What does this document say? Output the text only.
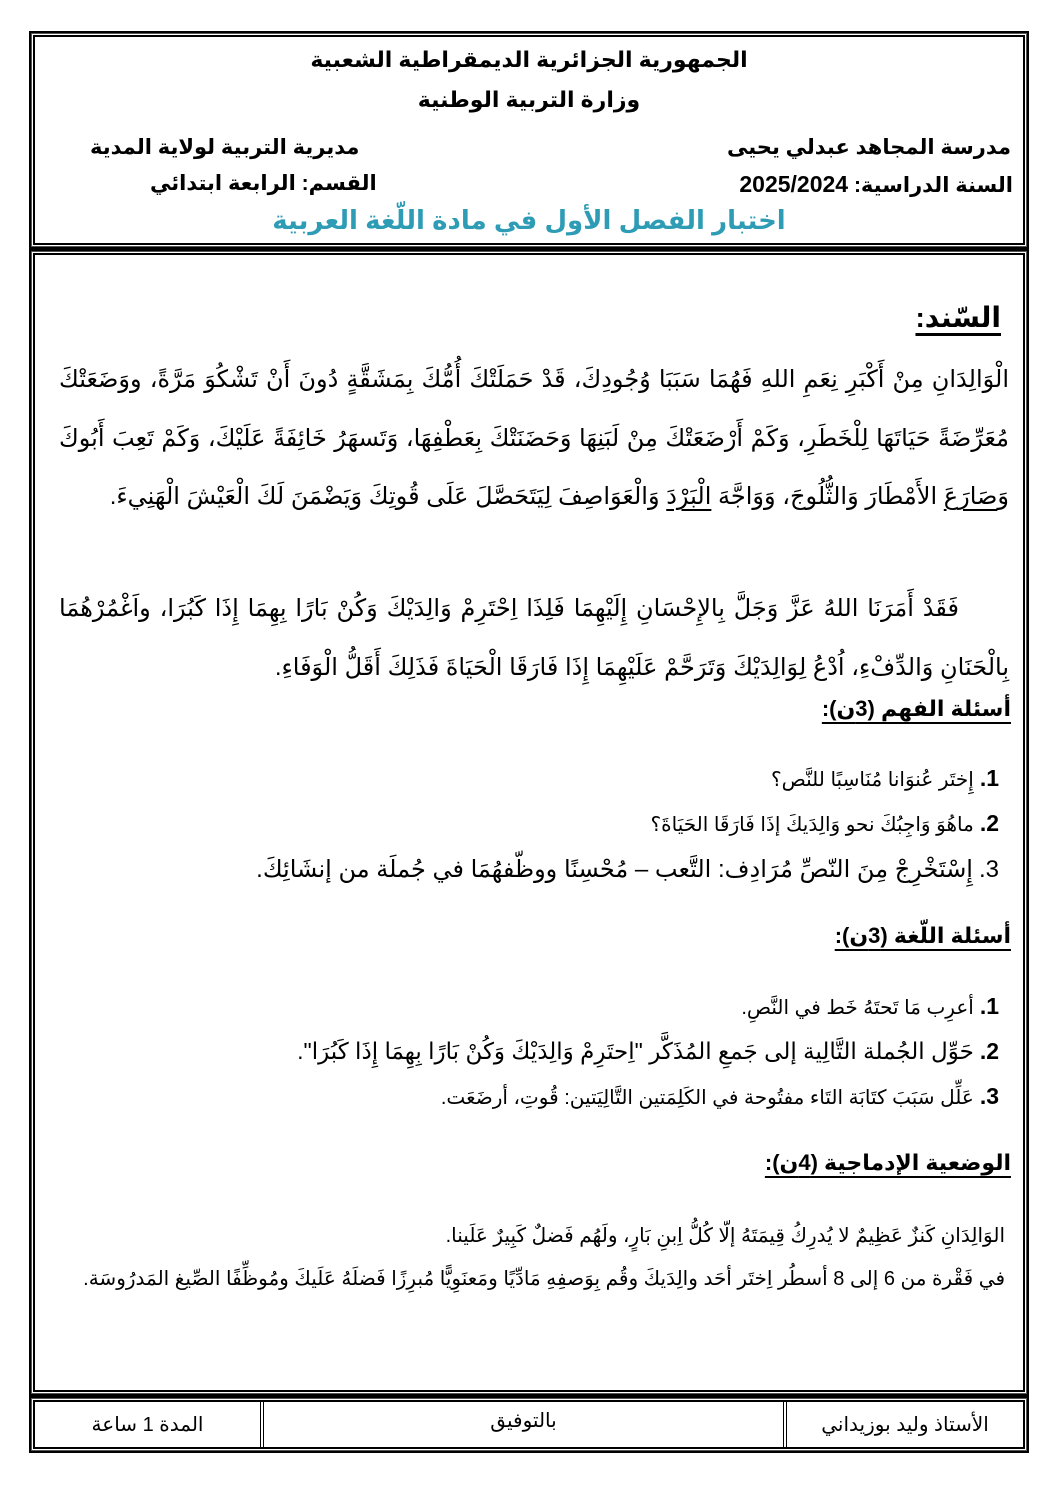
الجمهورية الجزائرية الديمقراطية الشعبية
وزارة التربية الوطنية
مدرسة المجاهد عبدلي يحيى
مديرية التربية لولاية المدية
السنة الدراسية: 2025/2024
القسم: الرابعة ابتدائي
اختبار الفصل الأول في مادة اللّغة العربية
السّند:

الْوَالِدَانِ مِنْ أَكْبَرِ نِعَمِ اللهِ فَهُمَا سَبَبَا وُجُودِكَ، قَدْ حَمَلَتْكَ أُمُّكَ بِمَشَقَّةٍ دُونَ أَنْ تَشْكُوَ مَرَّةً، ووَضَعَتْكَ مُعَرِّضَةً حَيَاتَهَا لِلْخَطَرِ، وَكَمْ أَرْضَعَتْكَ مِنْ لَبَنِهَا وَحَضَنَتْكَ بِعَطْفِهَا، وَتَسهَرُ خَائِفَةً عَلَيْكَ، وَكَمْ تَعِبَ أَبُوكَ وَصَارَعَ الأَمْطَارَ وَالثُّلُوجَ، وَوَاجَّهَ الْبَرْدَ وَالْعَوَاصِفَ لِيَتَحَصَّلَ عَلَى قُوتِكَ وَيَضْمَنَ لَكَ الْعَيْشَ الْهَنِيءَ.

فَقَدْ أَمَرَنَا اللهُ عَزَّ وَجَلَّ بِالإِحْسَانِ إِلَيْهِمَا فَلِذَا اِحْتَرِمْ وَالِدَيْكَ وَكُنْ بَارًا بِهِمَا إِذَا كَبُرَا، واَغْمُرْهُمَا بِالْحَنَانِ وَالدِّفْءِ، اُدْعُ لِوَالِدَيْكَ وَتَرَحَّمْ عَلَيْهِمَا إِذَا فَارَقَا الْحَيَاةَ فَذَلِكَ أَقَلُّ الْوَفَاءِ.

أسئلة الفهم (3ن):
1.
إِختَر عُنوَانا مُنَاسِبًا للنَّص؟
2.
ماهُوَ وَاجِبُكَ نحو وَالِدَيكَ إذَا فَارَقَا الحَيَاةَ؟
3.
إِسْتَخْرِجْ مِنَ النّصِّ مُرَادِف: التَّعب – مُحْسِنًا ووظّفهُمَا في جُملَة من إنشَائِكَ.
أسئلة اللّغة (3ن):
1.
أعرِب مَا تَحتَهُ خَط في النَّصِ.
2.
حَوِّل الجُملة التَّالِية إلى جَمعِ المُذَكَّر "اِحتَرِمْ وَالِدَيْكَ وَكُنْ بَارًا بِهِمَا إِذَا كَبُرَا".
3.
عَلِّل سَبَبَ كتَابَة التَاء مفتُوحة في الكَلِمَتين التَّالِيَتين: قُوتِ، أرضَعَت.
الوضعية الإدماجية (4ن):
الوَالِدَانِ كَنزٌ عَظِيمٌ لا يُدرِكُ قِيمَتَهُ إلّا كُلُّ اِبنِ بَارٍ، ولَهُم فَضلٌ كَبِيرٌ عَلَينا.
في فَقْرة من 6 إلى 8 أسطُر اِختَر أحَد والِدَيكَ وقُم بِوَصفِهِ مَادِّيًا ومَعنَوِيًّا مُبرِزًا فَضلَهُ عَلَيكَ ومُوظِّفًا الصِّيغ المَدرُوسَة.
الأستاذ وليد بوزيداني
بالتوفيق
المدة 1 ساعة
